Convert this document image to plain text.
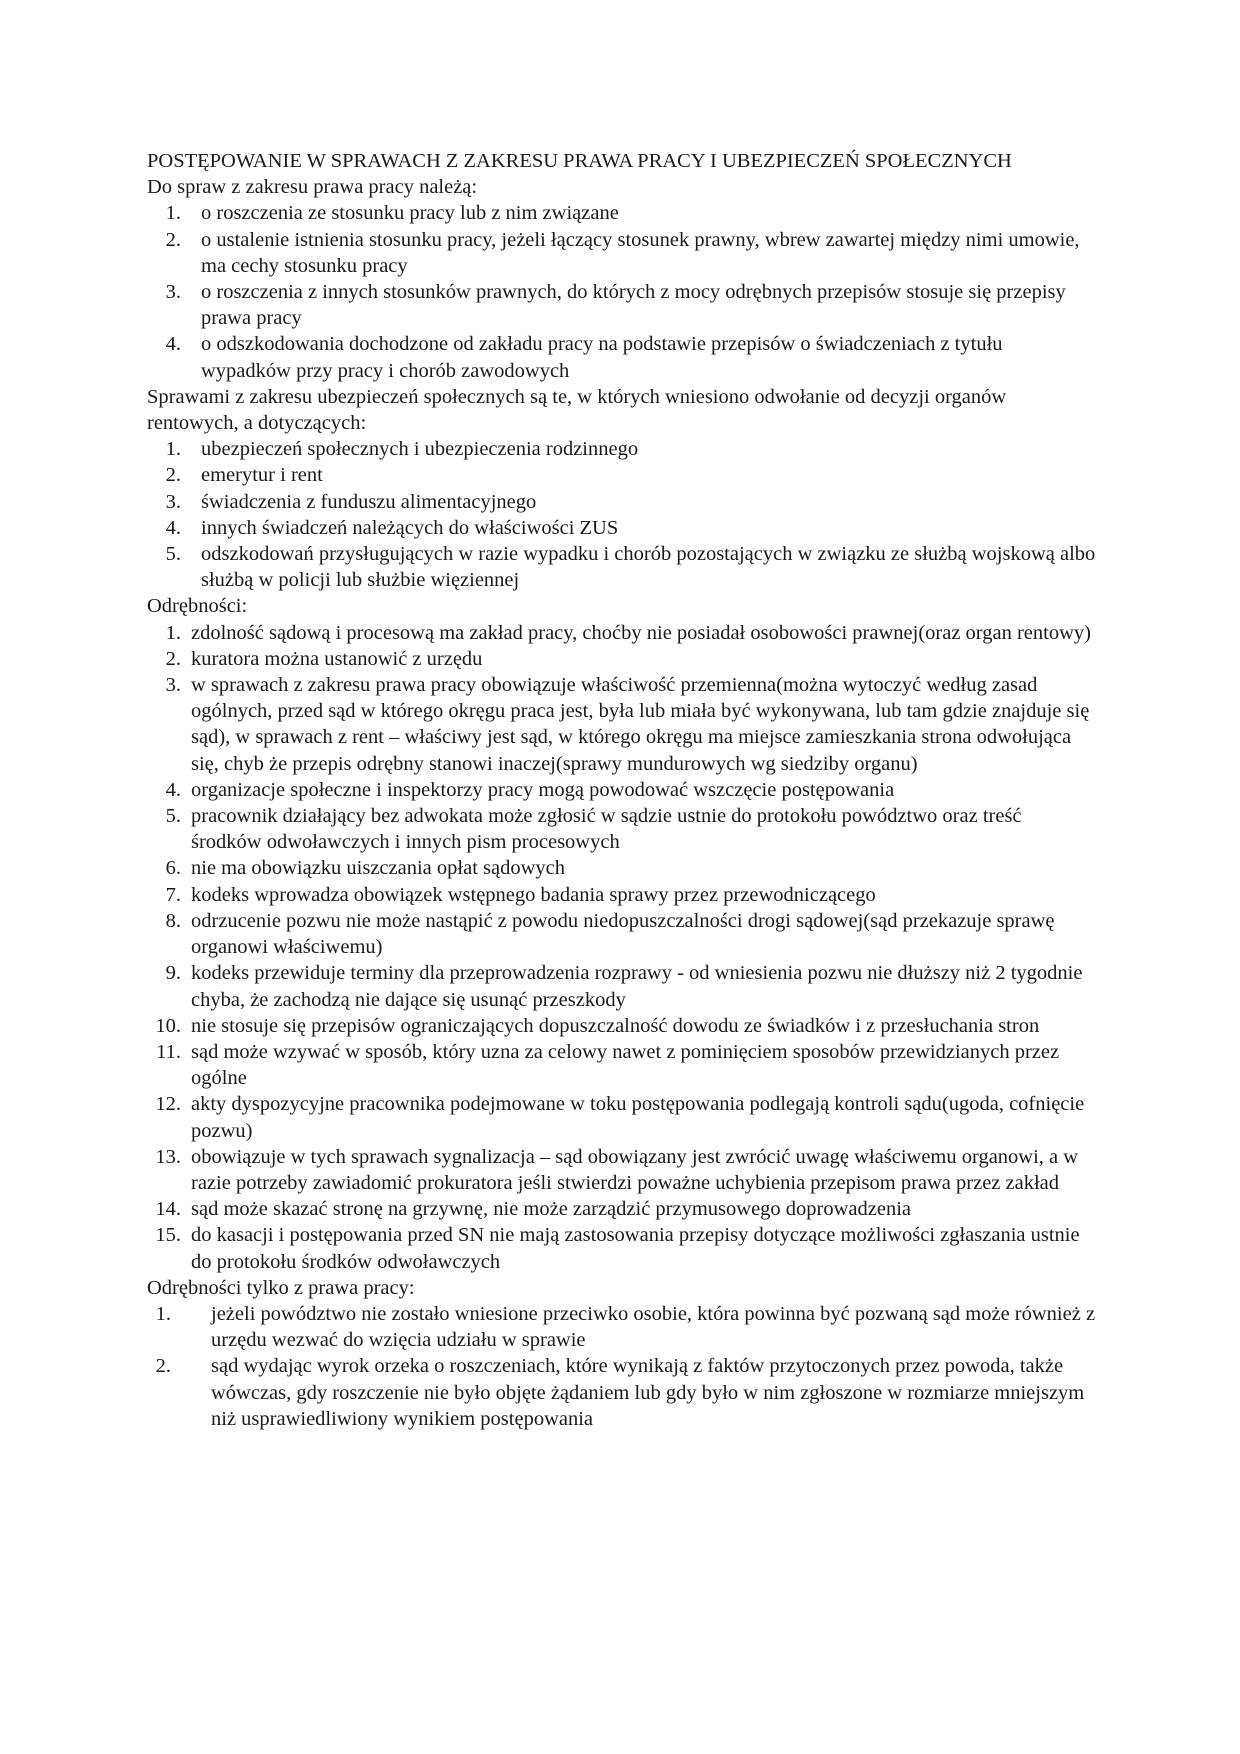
POSTĘPOWANIE W SPRAWACH Z ZAKRESU PRAWA PRACY I UBEZPIECZEŃ SPOŁECZNYCH

Do spraw z zakresu prawa pracy należą:

1. o roszczenia ze stosunku pracy lub z nim związane
2. o ustalenie istnienia stosunku pracy, jeżeli łączący stosunek prawny, wbrew zawartej między nimi umowie, ma cechy stosunku pracy
3. o roszczenia z innych stosunków prawnych, do których z mocy odrębnych przepisów stosuje się przepisy prawa pracy
4. o odszkodowania dochodzone od zakładu pracy na podstawie przepisów o świadczeniach z tytułu wypadków przy pracy i chorób zawodowych

Sprawami z zakresu ubezpieczeń społecznych są te, w których wniesiono odwołanie od decyzji organów rentowych, a dotyczących:

1. ubezpieczeń społecznych i ubezpieczenia rodzinnego
2. emerytur i rent
3. świadczenia z funduszu alimentacyjnego
4. innych świadczeń należących do właściwości ZUS
5. odszkodowań przysługujących w razie wypadku i chorób pozostających w związku ze służbą wojskową albo służbą w policji lub służbie więziennej

Odrębności:

1. zdolność sądową i procesową ma zakład pracy, choćby nie posiadał osobowości prawnej(oraz organ rentowy)
2. kuratora można ustanowić z urzędu
3. w sprawach z zakresu prawa pracy obowiązuje właściwość przemienna(można wytoczyć według zasad ogólnych, przed sąd w którego okręgu praca jest, była lub miała być wykonywana, lub tam gdzie znajduje się sąd), w sprawach z rent – właściwy jest sąd, w którego okręgu ma miejsce zamieszkania strona odwołująca się, chyb że przepis odrębny stanowi inaczej(sprawy mundurowych wg siedziby organu)
4. organizacje społeczne i inspektorzy pracy mogą powodować wszczęcie postępowania
5. pracownik działający bez adwokata może zgłosić w sądzie ustnie do protokołu powództwo oraz treść środków odwoławczych i innych pism procesowych
6. nie ma obowiązku uiszczania opłat sądowych
7. kodeks wprowadza obowiązek wstępnego badania sprawy przez przewodniczącego
8. odrzucenie pozwu nie może nastąpić z powodu niedopuszczalności drogi sądowej(sąd przekazuje sprawę organowi właściwemu)
9. kodeks przewiduje terminy dla przeprowadzenia rozprawy - od wniesienia pozwu nie dłuższy niż 2 tygodnie chyba, że zachodzą nie dające się usunąć przeszkody
10. nie stosuje się przepisów ograniczających dopuszczalność dowodu ze świadków i z przesłuchania stron
11. sąd może wzywać w sposób, który uzna za celowy nawet z pominięciem sposobów przewidzianych przez ogólne
12. akty dyspozycyjne pracownika podejmowane w toku postępowania podlegają kontroli sądu(ugoda, cofnięcie pozwu)
13. obowiązuje w tych sprawach sygnalizacja – sąd obowiązany jest zwrócić uwagę właściwemu organowi, a w razie potrzeby zawiadomić prokuratora jeśli stwierdzi poważne uchybienia przepisom prawa przez zakład
14. sąd może skazać stronę na grzywnę, nie może zarządzić przymusowego doprowadzenia
15. do kasacji i postępowania przed SN nie mają zastosowania przepisy dotyczące możliwości zgłaszania ustnie do protokołu środków odwoławczych

Odrębności tylko z prawa pracy:

1.	jeżeli powództwo nie zostało wniesione przeciwko osobie, która powinna być pozwaną sąd może również z urzędu wezwać do wzięcia udziału w sprawie
2.	sąd wydając wyrok orzeka o roszczeniach, które wynikają z faktów przytoczonych przez powoda, także wówczas, gdy roszczenie nie było objęte żądaniem lub gdy było w nim zgłoszone w rozmiarze mniejszym niż usprawiedliwiony wynikiem postępowania
